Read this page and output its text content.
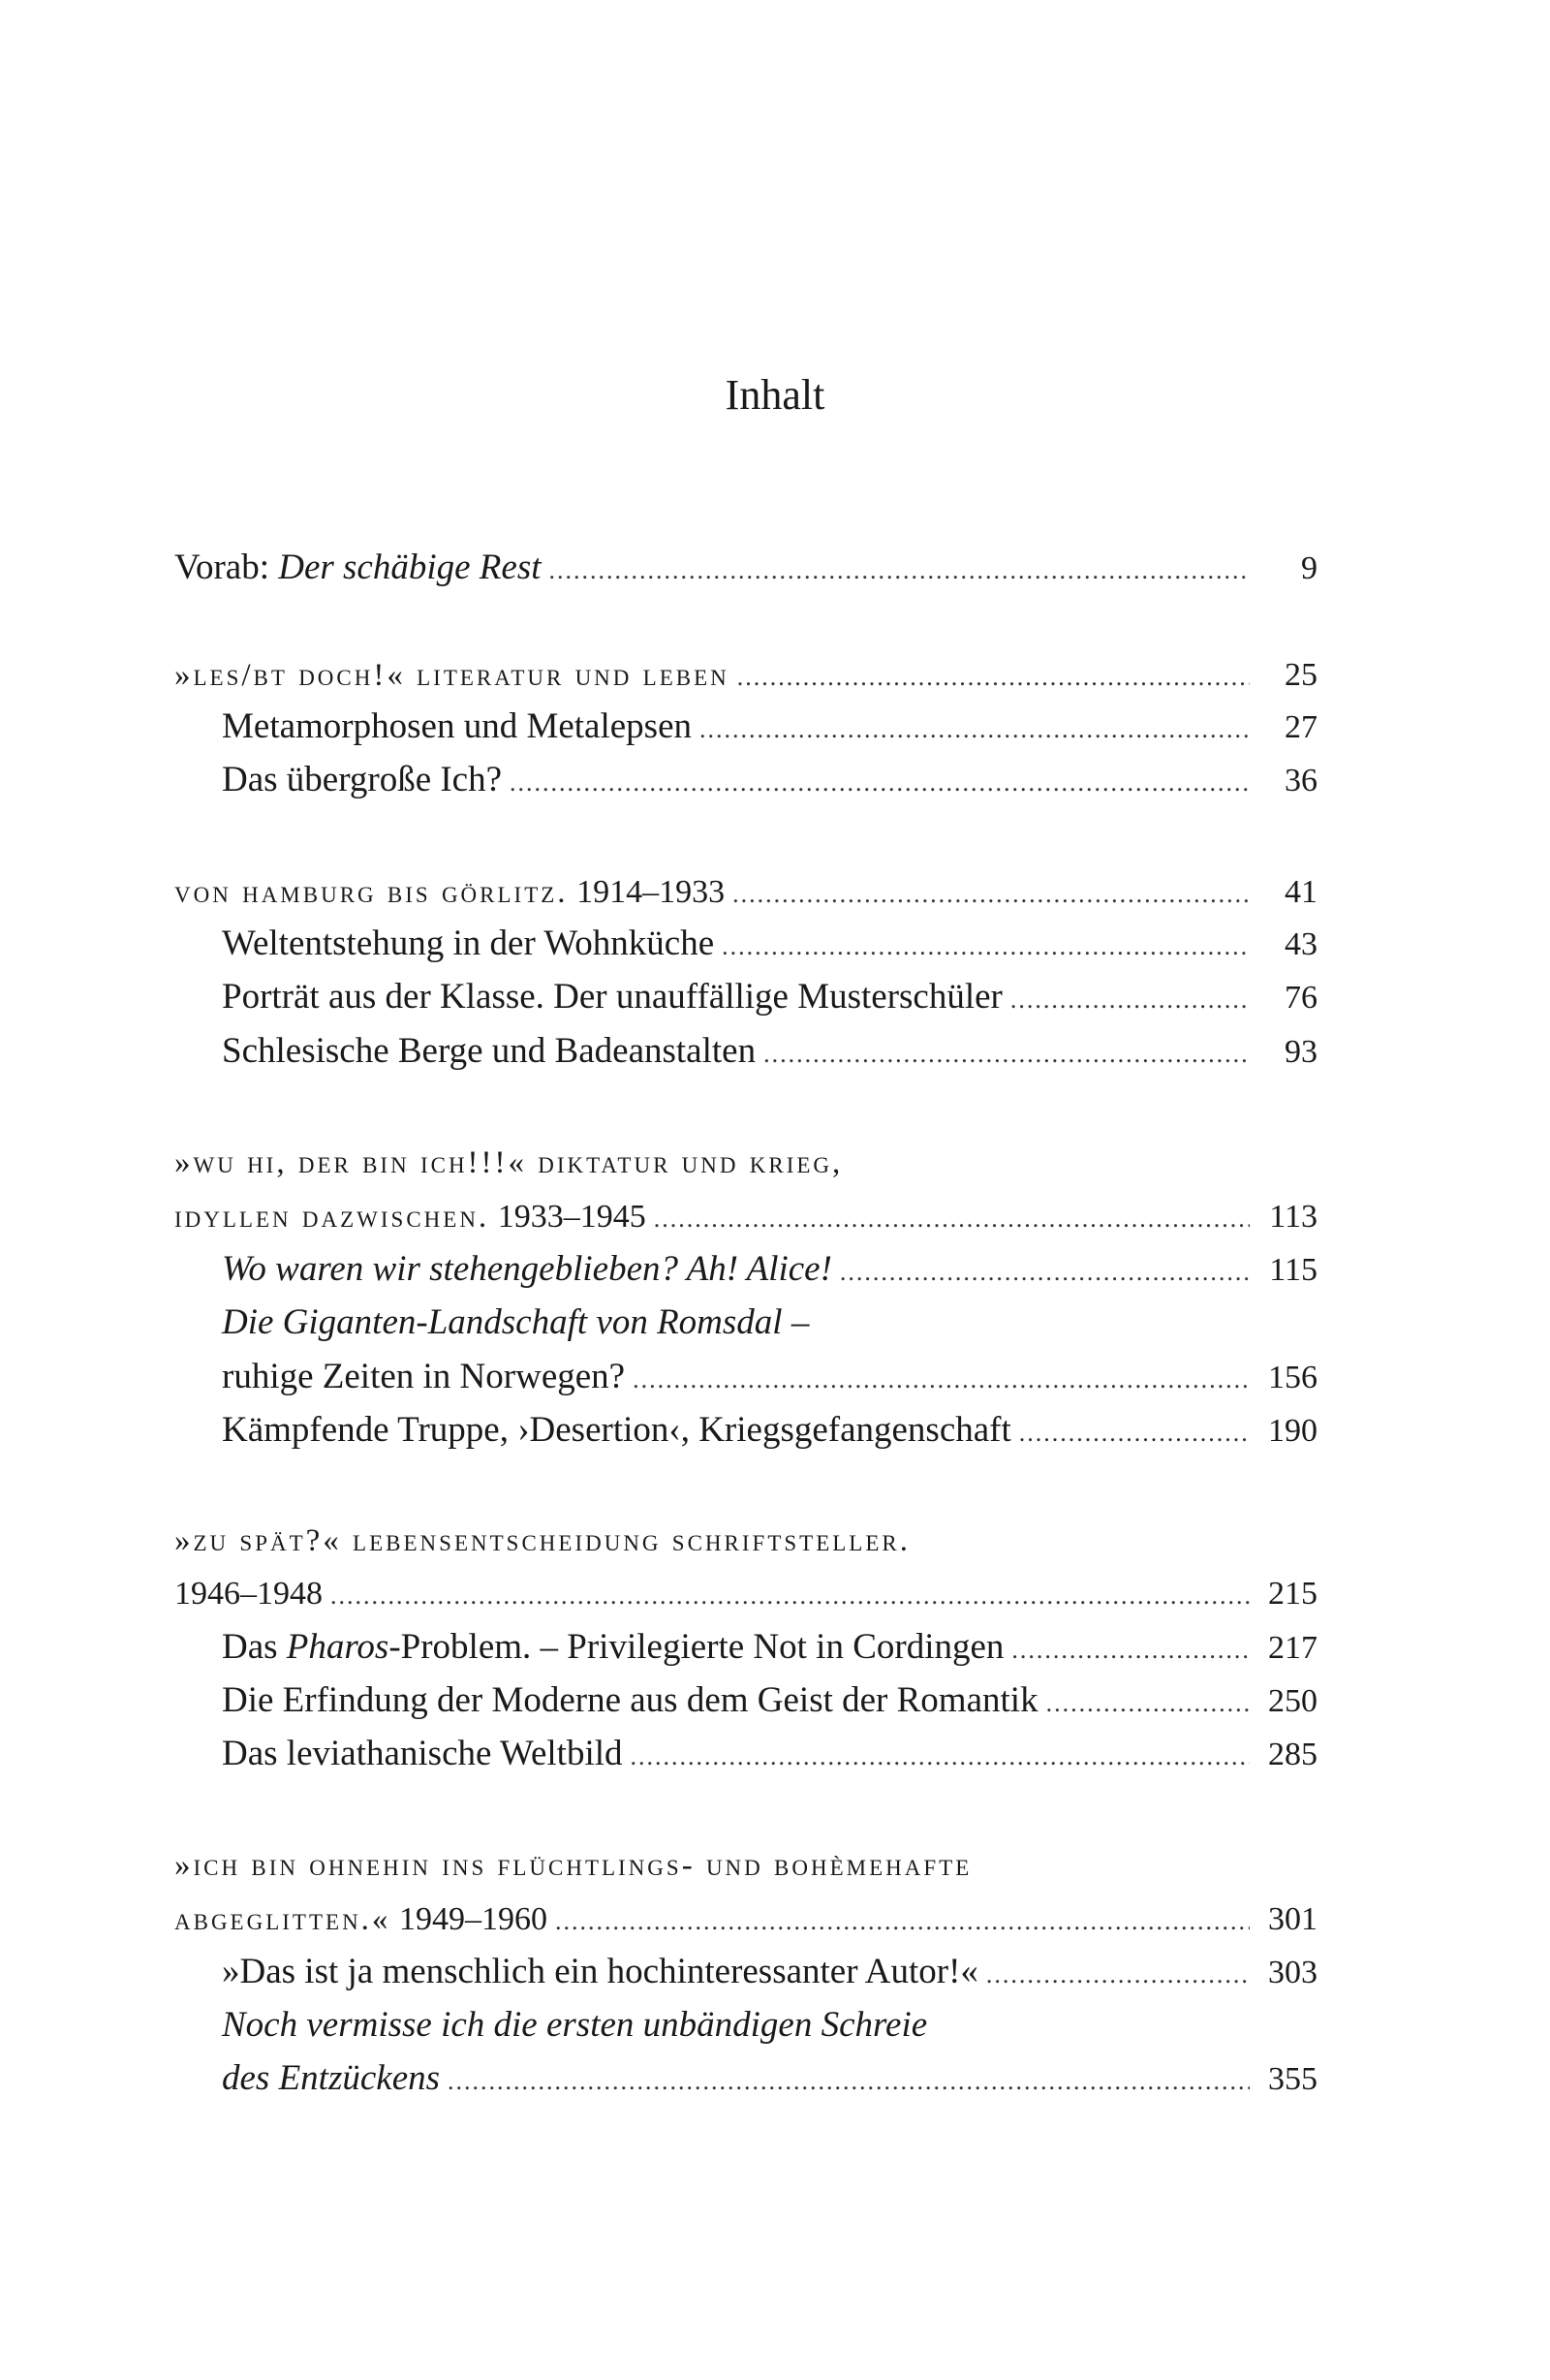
Inhalt
Vorab: Der schäbige Rest .....	9
»les/bt doch!« literatur und leben .....	25
Metamorphosen und Metalepsen .....	27
Das übergroße Ich? .....	36
von hamburg bis görlitz. 1914–1933 .....	41
Weltentstehung in der Wohnküche .....	43
Porträt aus der Klasse. Der unauffällige Musterschüler .....	76
Schlesische Berge und Badeanstalten .....	93
»wu hi, der bin ich!!!« diktatur und krieg,
idyllen dazwischen. 1933–1945 .....	113
Wo waren wir stehengeblieben? Ah! Alice! .....	115
Die Giganten-Landschaft von Romsdal –
ruhige Zeiten in Norwegen? .....	156
Kämpfende Truppe, ›Desertion‹, Kriegsgefangenschaft .....	190
»zu spät?« lebensentscheidung schriftsteller.
1946–1948 .....	215
Das Pharos-Problem. – Privilegierte Not in Cordingen .....	217
Die Erfindung der Moderne aus dem Geist der Romantik .....	250
Das leviathanische Weltbild .....	285
»ich bin ohnehin ins flüchtlings- und bohèmehafte
abgeglitten.« 1949–1960 .....	301
»Das ist ja menschlich ein hochinteressanter Autor!« .....	303
Noch vermisse ich die ersten unbändigen Schreie
des Entzückens .....	355
